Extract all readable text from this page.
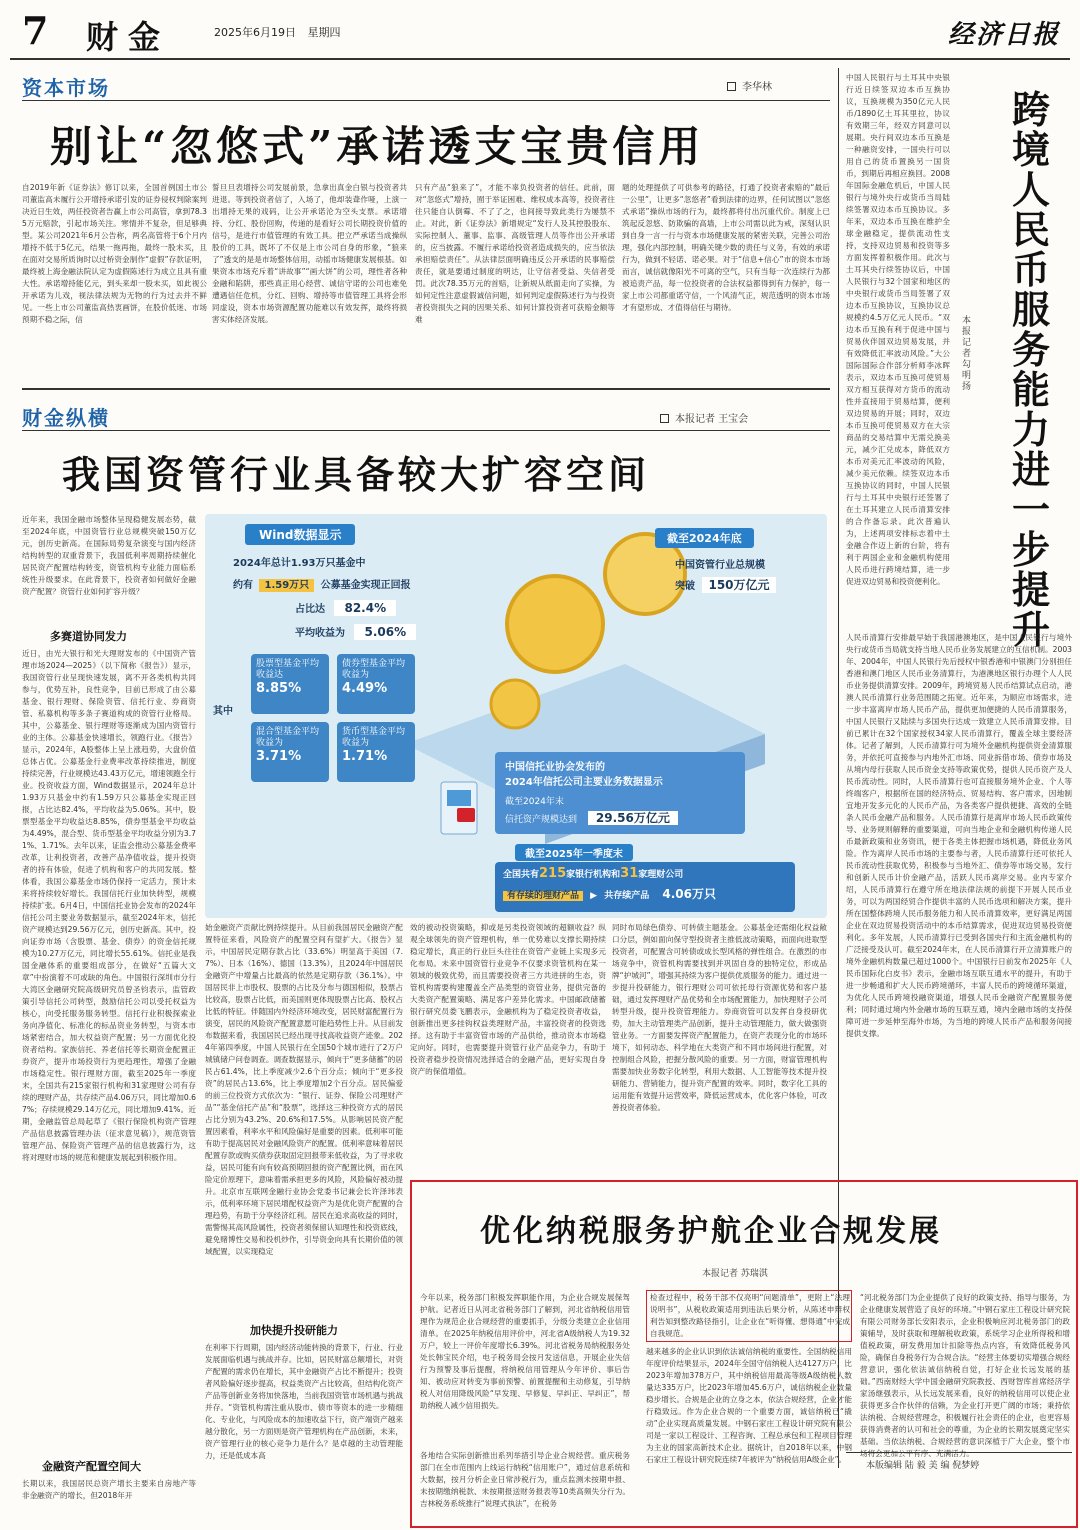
7 财金	2025年6月19日 星期四	经济日报
资本市场	李华林
别让“忽悠式”承诺透支宝贵信用
自2019年新《证券法》修订以来，全国首例国土市公司董监高未履行公开增持承诺引发的证券侵权判除案判决近日生效，两任投资者告赢上市公司高管，拿到78.35万元赔款，引起市场关注。寒情并不复杂，但足够典型。某公司2021年6月公告称，两名高管将于6个月内增持不低于5亿元，结果一拖再拖，最终一股未买，且在面对交易所质询时以过桥资金制作“虚假”存款证明，最终被上海金融法院认定为虚假陈述行为成立且具有重大性。承诺增持能亿元，到头来却一股未买，如此视公开承诺为儿戏，视法律法规为无物的行为过去并不鲜见。一些上市公司董监高热衷画饼，在股价低迷、市场预期不稳之际，信
誓旦旦表增持公司发展前景，急拿出真金白银与投资者共进退。等到投资者信了，入场了，他却装聋作哑，上演一出增持无果的戏码，让公开承诺沦为空头支票。承诺增持、分红、股份回购，传递的是看好公司长期投资价值的信号，是进行市值管理的有效工具。把立严承诺当成操纵股价的工具，既坏了不仅是上市公司自身的形象，“狼来了”透支的是是市场整体信用，动摇市场健康发展根基。如果资本市场充斥着“讲故事”“画大饼”的公司，理性者各种金融和陷阱，那些真正用心经营、诚信守诺的公司也难免遭遇信任危机，分红、回购、增持等市值管理工具将会形同虚设，资本市场资源配置功能难以有效发挥，最终将损害实体经济发展。
只有产品“狼来了”，才能不辜负投资者的信任。此前，面对“忽悠式”增持，囿于举证困难、维权成本高等，投资者往往只能自认倒霉、不了了之，也间接导致此类行为屡禁不止。对此，新《证券法》新增规定“发行人及其控股股东、实际控制人、董事、监事、高级管理人员等作出公开承诺的，应当披露。不履行承诺给投资者造成损失的，应当依法承担赔偿责任”。从法律层面明确违反公开承诺的民事赔偿责任，就是要通过制度的明达，让守信者受益、失信者受罚。此次78.35万元的首赔，让新规从纸面走向了实操，为如何定性注意虚假诚信问题，如何判定虚假陈述行为与投资者投资损失之间的因果关系、如何计算投资者可获赔金额等难
题的处理提供了可供参考的路径，打通了投资者索赔的“最后一公里”，让更多“忽悠者”看到法律的边界，任何试图以“忽悠式承诺”操纵市场的行为，最终都将付出沉重代价。制度上已筑起反忽悠、防欺骗的高墙，上市公司需以此为戒，深刻认识到自身一言一行与资本市场健康发展的紧密关联，完善公司治理，强化内部控制，明确关键少数的责任与义务，有效的承诺行为，做到不轻诺、诺必果。对于“信息+信心”市的资本市场而言，诚信就像阳光不可离的空气，只有当每一次连续行为都被追责产品，每一位投资者的合法权益都得到有力保护，每一家上市公司都重诺守信，一个风清气正，规范透明的资本市场才有望形成、才值得信任与期待。
中国人民银行与土耳其中央银行近日续签双边本币互换协议，互换规模为350亿元人民币/1890亿土耳其里拉，协议有效期三年，经双方同意可以展期。央行间双边本币互换是一种融资安排，一国央行可以用自己的货币置换另一国货币，到期后再相应换回。2008年国际金融危机后，中国人民银行与境外央行或货币当局陆续签署双边本币互换协议。多年来，双边本币互换在维护全球金融稳定，提供流动性支持，支持双边贸易和投资等多方面发挥着积极作用。此次与土耳其央行续签协议后，中国人民银行与32个国家和地区的中央银行或货币当局签署了双边本币互换协议，互换协议总规模约4.5万亿元人民币。“双边本币互换有利于促进中国与贸易伙伴国双边贸易发展，并有效降低汇率波动风险。”大公国际国际合作部分析师李冰晖表示，双边本币互换可使贸易双方相互获得对方货币的流动性并直接用于贸易结算，便利双边贸易的开展；同时，双边本币互换可使贸易双方在大宗商品的交易结算中无需兑换美元，减少汇兑成本，降低双方本币对美元汇率波动的风险，减少美元依赖。续签双边本币互换协议的同时，中国人民银行与土耳其中央银行还签署了在土耳其建立人民币清算安排的合作备忘录。此次普遍认为，上述两项安排标志着中土金融合作迈上新的台阶，将有利于两国企业和金融机构使用人民币进行跨境结算，进一步促进双边贸易和投资便利化。
跨境人民币服务能力进一步提升
本报记者 勾明扬
人民币清算行安排最早始于我国港澳地区，是中国人民银行与境外央行或货币当局就支持当地人民币业务发展建立的互信机制。2003年、2004年，中国人民银行先后授权中银香港和中银澳门分别担任香港和澳门地区人民币业务清算行，为港澳地区银行办理个人人民币业务提供清算安排。2009年，跨境贸易人民币结算试点启动，港澳人民币清算行业务范围随之拓宽。近年来，为顺应市场需求，进一步丰富离岸市场人民币产品，提供更加便捷的人民币清算服务，中国人民银行又陆续与多国央行达成一致建立人民币清算安排。目前已累计在32个国家授权34家人民币清算行，覆盖全球主要经济体。记者了解到，人民币清算行可为境外金融机构提供资金清算服务，并依托可直接参与内地外汇市场、同业拆借市场、债券市场及从境内母行获取人民币资金支持等政策优势，提供人民币资产及人民币流动性。同时，人民币清算行也可直接服务境外企业、个人等终端客户，根据所在国的经济特点、贸易结构、客户需求，因地制宜地开发多元化的人民币产品，为各类客户提供便捷、高效的全链条人民币金融产品和服务。人民币清算行是离岸市场人民币政策传导、业务规则解释的重要渠道，可向当地企业和金融机构传递人民币最新政策和业务资讯，便于各类主体把握市场机遇，降低业务风险。作为离岸人民币市场的主要参与者，人民币清算行还可依托人民币流动性获取优势，积极参与当地外汇、债券等市场交易，发行和创新人民币计价金融产品，活跃人民币离岸交易。业内专家介绍，人民币清算行在遵守所在地法律法规的前提下开展人民币业务，可以为两国经贸合作提供丰富的人民币选项和解决方案，提升所在国整体跨境人民币服务能力和人民币清算效率，更好满足两国企业在双边贸易投资活动中的本币结算需求，促进双边贸易投资便利化。多年发展，人民币清算行已受到各国央行和主流金融机构的广泛接受及认可。截至2024年末，在人民币清算行开立清算账户的境外金融机构数量已超过1000个。中国银行日前发布2025年《人民币国际化白皮书》表示，金融市场互联互通水平的提升，有助于进一步畅通和扩大人民币跨境循环，丰富人民币的跨境循环渠道，为优化人民币跨境投融资渠道，增强人民币金融资产配置服务便利；同时通过境内外金融市场的互联互通，境内金融市场的支持保障可进一步延伸至海外市场，为当地的跨境人民币产品和服务间接提供支撑。
本版编辑 陆 毅 美 编 倪梦婷
财金纵横	本报记者 王宝会
我国资管行业具备较大扩容空间
近年来，我国金融市场整体呈现稳健发展态势，截至2024年底，中国资管行业总规模突破150万亿元，创历史新高。在国际局势复杂演变与国内经济结构转型的双重背景下，我国低利率周期持续催化居民资产配置结构转变，资管机构专业能力面临系统性升级要求。在此背景下，投资者如何做好金融资产配置？资管行业如何扩容升级？
多赛道协同发力
近日，由光大银行和光大理财发布的《中国资产管理市场2024—2025》（以下简称《报告》）显示，我国资管行业呈现快速发展，离不开各类机构共同参与，优势互补，良性竞争，目前已形成了由公募基金、银行理财、保险资管、信托行业、券商资管、私募机构等多条子赛道构成的资管行业格局。其中，公募基金、银行理财等逐渐成为国内资管行业的主体。公募基金快速增长，领跑行业。《报告》显示，2024年，A股整体上呈上涨趋势，大盘价值总体占优。公募基金行业费率改革持续推进，制度持续完善，行业规模达43.43万亿元，增速领跑全行业。投资收益方面，Wind数据显示，2024年总计1.93万只基金中约有1.59万只公募基金实现正回报，占比达82.4%，平均收益为5.06%。其中，股票型基金平均收益达8.85%，债券型基金平均收益为4.49%，混合型、货币型基金平均收益分别为3.71%、1.71%。去年以来，证监会推动公募基金费率改革，让利投资者，改善产品净值收益，提升投资者的持有体验，促进了机构和客户的共同发展。整体看，我国公募基金市场仍保持一定活力，预计未来将持续较好增长。我国信托行业加快转型，规模持续扩张。6月4日，中国信托业协会发布的2024年信托公司主要业务数据显示，截至2024年末，信托资产规模达到29.56万亿元，创历史新高。其中，投向证券市场（含股票、基金、债券）的资金信托规模为10.27万亿元，同比增长55.61%。信托业是我国金融体系的重要组成部分，在做好“五篇大文章”中扮演着不可或缺的角色。中国银行深圳市分行大湾区金融研究院高级研究员曾圣钧表示，监管政策引导信托公司转型，鼓励信托公司以受托权益为核心，向受托服务服务转型。信托行业积极探索业务向净值化、标准化的标品资业务转型，与资本市场紧密结合，加大权益资产配置；另一方面优化投资者结构。家族信托、养老信托等长期资金配置正券资产，提升市场投资行为更趋理性，增强了金融市场稳定性。银行理财方面，截至2025年一季度末，全国共有215家银行机构和31家理财公司有存续的理财产品，共存续产品4.06万只，同比增加0.67%；存续规模29.14万亿元，同比增加9.41%。近期，金融监管总局起草了《银行保险机构资产管理产品信息披露管理办法（征求意见稿）》，规范资管管理产品、保险资产管理产品的信息披露行为，这将对理财市场的规范和健康发展起到积极作用。
金融资产配置空间大
长期以来，我国居民总资产增长主要来自房地产等非金融资产的增长，但2018年开
Wind数据显示
2024年总计1.93万只基金中
约有 1.59万只 公募基金实现正回报
占比达 82.4%
平均收益为 5.06%
其中
股票型基金平均收益达
8.85%
债券型基金平均收益为
4.49%
混合型基金平均收益为
3.71%
货币型基金平均收益为
1.71%
截至2024年底
中国资管行业总规模
突破 150万亿元
中国信托业协会发布的
2024年信托公司主要业务数据显示
截至2024年末
信托资产规模达到 29.56万亿元
截至2025年一季度末
全国共有215家银行机构和31家理财公司
有存续的理财产品 ▶ 共存续产品 4.06万只
始金融资产贡献比例持续提升。从目前我国居民金融资产配置特征来看，风险资产的配置空间有望扩大。《报告》显示，中国居民定期存款占比（33.6%）明显高于美国（7.7%）、日本（16%）、德国（13.3%），且2024年中国居民金融资产中增量占比最高的依然是定期存款（36.1%）。中国居民非上市股权、股票的占比及分布与德国相似，股票占比较高，股票占比低，而美国则更体现股票占比高、股权占比低的特征。伴随国内外经济环境改变，居民财富配置行为演变，居民的风险资产配置意愿可能趋势性上升。从目前发布数据来看，我国居民已经出现寻找高收益资产迹象。2024年第四季度，中国人民银行在全国50个城市进行了2万户城镇储户问卷调查。调查数据显示，倾向于“更多储蓄”的居民占61.4%，比上季度减少2.6个百分点；倾向于“更多投资”的居民占13.6%，比上季度增加2个百分点。居民偏爱的前三位投资方式依次为：“银行、证券、保险公司理财产品”“基金信托产品”和“股票”，选择这三种投资方式的居民占比分别为43.2%、20.6%和17.5%。从影响居民资产配置因素看，利率水平和风险偏好是重要的因素。低利率可能有助于提高居民对金融风险资产的配置。低利率意味着居民配置存款或购买债券获取固定回报带来低收益，为了寻求收益，居民可能有向有较高预期回报的资产配置比例，而在风险定价原理下，意味着需承担更多的风险，风险偏好被动提升。北京市互联网金融行业协会党委书记兼会长许泽玮表示，低利率环境下居民增配权益资产为是优化资产配置的合理趋势，有助于分享经济红利。居民在追求高收益的同时，需警惕其高风险属性，投资者须保留认知理性和投资底线，避免赌博性交易和投机炒作，引导资金向具有长期价值的领域配置，以实现稳定
加快提升投研能力
在利率下行周期，国内经济动能转换的背景下，行业、行业发展面临机遇与挑战并存。比如，居民财富总额增长，对资产配置的需求仍在增长，其中金融资产占比不断提升；投资者风险偏好逐步提高，权益类资产占比较高，但结构化资产产品等创新业务将加快落地，当前我国资管市场机遇与挑战并存。“资管机构需注重从股市、债市等资本的进一步精细化、专业化，与风险成本的加速收益下行，资产端资产越来越分散化，另一方面则是资产管理机构在产品创新，未来，资产管理行业的核心竞争力是什么？是卓越的主动管理能力，还是低成本高
效的被动投资策略，抑或是另类投资领域的超额收益？纵观全球领先的资产管理机构，单一优势难以支撑长期持续稳定增长，真正的行业巨头往往在资管产业链上实现多元化布局。未来中国资管行业竞争不仅要求资管机构在某一领域的极致优势，而且需要投资者三方共进拼的生态，资管机构需要构建覆盖全产品类型的资管业务，提供完备的大类资产配置策略、满足客户差异化需求。中国邮政储蓄银行研究员娄飞鹏表示，金融机构为了稳定投资者收益，创新推出更多挂钩权益类理财产品，丰富投资者的投资选择。这有助于丰富资管市场的产品供给，推动资本市场稳定向好。同时，也需要提升资管行业产品竞争力，有助于投资者稳步投资情况选择适合的金融产品，更好实现自身资产的保值增值。
同时布局绿色债券、可转债主题基金。公募基金还需细化权益敞口分层，例如面向保守型投资者主推低波动策略，而面向进取型投资者，可配置含可转债或成长型风格的弹性组合。在激烈的市场竞争中，资管机构需要找到并巩固自身的独特定位，形成品牌“护城河”，增强其持续为客户提供优质服务的能力。通过进一步提升投研能力，银行理财公司可依托母行资源优势和客户基础，通过发挥理财产品优势和全市场配置能力，加快理财子公司转型升级，提升投资管理能力。券商资管可以发挥自身投研优势，加大主动管理类产品创新，提升主动管理能力，做大做强资管业务。一方面要发挥资产配置能力，在资产表现分化的市场环境下，如何动态、科学地在大类资产和不同市场间进行配置，对控制组合风险，把握分散风险的重要。另一方面，财富管理机构需要加快业务数字化转型，利用大数据、人工智能等技术提升投研能力、营销能力，提升资产配置的效率。同时，数字化工具的运用能有效提升运营效率，降低运营成本，优化客户体验，可改善投资者体验。
优化纳税服务护航企业合规发展
本报记者 苏瑞淇
今年以来，税务部门积极发挥职能作用，为企业合规发展保驾护航。记者近日从河北省税务部门了解到，河北省纳税信用管理作为规范企业合规经营的重要抓手，分级分类建立企业信用清单。在2025年纳税信用评价中，河北省A级纳税人为19.32万户，较上一评价年度增长6.39%。河北省税务局纳税服务处处长韩宝民介绍，电子税务局会按月发送信息，开展企业失信行为预警及事后提醒，将纳税信用管理从今年评价、事后告知、被动应对转变为事前预警、前置提醒和主动修复，引导纳税人对信用降级风险“早发现、早修复、早纠正、早纠正”，帮助纳税人减少信用损失。
各地结合实际创新推出系列举措引导企业合规经营。重庆税务部门在全市范围内上线运行纳税“信用账户”，通过信息系统和大数据，按月分析企业日常涉税行为，重点监测未按期申报、未按期缴纳税款、未按期报送财务报表等10类高频失分行为。吉林税务系统推行“说理式执法”，在税务
检查过程中，税务干部不仅亮明“问题清单”，更附上“法理说明书”，从税收政策适用到违法后果分析，从陈述申辩权利告知到整改路径指引，让企业在“听得懂、想得通”中完成自我规范。
越来越多的企业认识到依法诚信纳税的重要性。全国纳税信用年度评价结果显示，2024年全国守信纳税人达4127万户，比2023年增加378万户，其中纳税信用最高等级A级纳税人数量达335万户，比2023年增加45.6万户，诚信纳税企业数量稳步增长。合规是企业的立身之本，依法合规经营，企业才能行稳致远。作为企业合规的一个重要方面，诚信纳税已“撬动”企业实现高质量发展。中钢石家庄工程设计研究院有限公司是一家以工程设计、工程咨询、工程总承包和工程项目管理为主业的国家高新技术企业。据统计，自2018年以来，中钢石家庄工程设计研究院连续7年被评为“纳税信用A级企业”。
“河北税务部门为企业提供了良好的政策支持、指导与服务，为企业健康发展营造了良好的环境。”中钢石家庄工程设计研究院有限公司财务部长安阳表示，企业积极响应河北税务部门的政策辅导，及时获取和理解税收政策，系统学习企业所得税和增值税政策，研发费用加计扣除等热点内容，有效降低税务风险，确保自身税务行为合规合法。“经营主体要切实增强合规经营意识，强化依法诚信纳税自觉，打好企业长远发展的基础。”西南财经大学中国金融研究院教授、西财智库首席经济学家汤继强表示，从长远发展来看，良好的纳税信用可以使企业获得更多合作伙伴的信赖，为企业打开更广阔的市场；秉持依法纳税、合规经营理念，积极履行社会责任的企业，也更容易获得消费者的认可和社会的尊重，为企业的长期发展奠定坚实基础。当依法纳税、合规经营的意识深植于广大企业，整个市场将会更加公平有序、充满活力。
